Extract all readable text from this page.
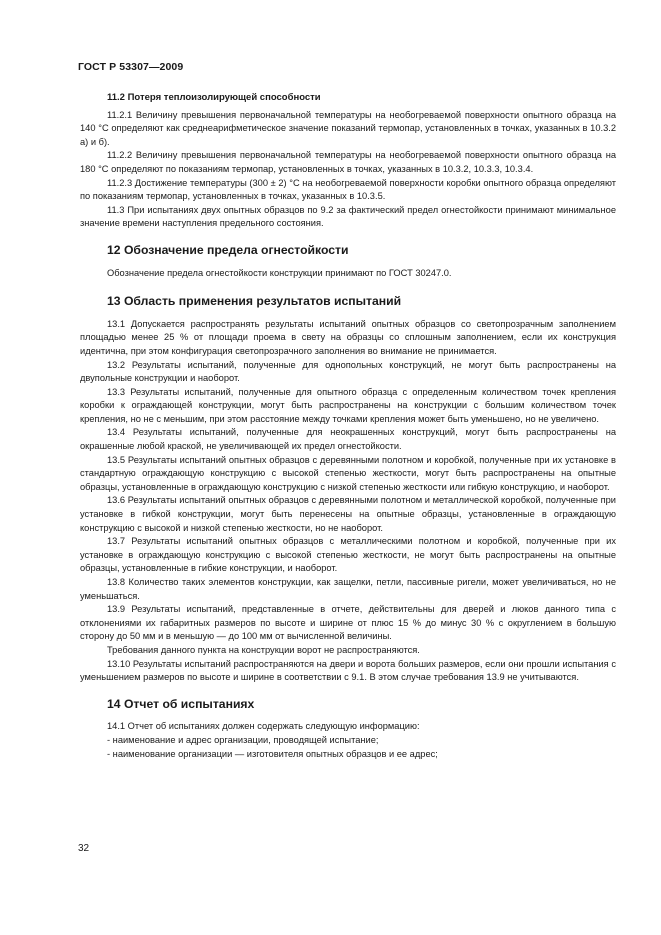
ГОСТ Р 53307—2009
11.2 Потеря теплоизолирующей способности

11.2.1 Величину превышения первоначальной температуры на необогреваемой поверхности опытного образца на 140 °С определяют как среднеарифметическое значение показаний термопар, установленных в точках, указанных в 10.3.2 а) и б).

11.2.2 Величину превышения первоначальной температуры на необогреваемой поверхности опытного образца на 180 °С определяют по показаниям термопар, установленных в точках, указанных в 10.3.2, 10.3.3, 10.3.4.

11.2.3 Достижение температуры (300 ± 2) °С на необогреваемой поверхности коробки опытного образца определяют по показаниям термопар, установленных в точках, указанных в 10.3.5.

11.3 При испытаниях двух опытных образцов по 9.2 за фактический предел огнестойкости принимают минимальное значение времени наступления предельного состояния.

12 Обозначение предела огнестойкости

Обозначение предела огнестойкости конструкции принимают по ГОСТ 30247.0.

13 Область применения результатов испытаний

13.1 Допускается распространять результаты испытаний опытных образцов со светопрозрачным заполнением площадью менее 25 % от площади проема в свету на образцы со сплошным заполнением, если их конструкция идентична, при этом конфигурация светопрозрачного заполнения во внимание не принимается.

13.2 Результаты испытаний, полученные для однопольных конструкций, не могут быть распространены на двупольные конструкции и наоборот.

13.3 Результаты испытаний, полученные для опытного образца с определенным количеством точек крепления коробки к ограждающей конструкции, могут быть распространены на конструкции с большим количеством точек крепления, но не с меньшим, при этом расстояние между точками крепления может быть уменьшено, но не увеличено.

13.4 Результаты испытаний, полученные для неокрашенных конструкций, могут быть распространены на окрашенные любой краской, не увеличивающей их предел огнестойкости.

13.5 Результаты испытаний опытных образцов с деревянными полотном и коробкой, полученные при их установке в стандартную ограждающую конструкцию с высокой степенью жесткости, могут быть распространены на опытные образцы, установленные в ограждающую конструкцию с низкой степенью жесткости или гибкую конструкцию, и наоборот.

13.6 Результаты испытаний опытных образцов с деревянными полотном и металлической коробкой, полученные при установке в гибкой конструкции, могут быть перенесены на опытные образцы, установленные в ограждающую конструкцию с высокой и низкой степенью жесткости, но не наоборот.

13.7 Результаты испытаний опытных образцов с металлическими полотном и коробкой, полученные при их установке в ограждающую конструкцию с высокой степенью жесткости, не могут быть распространены на опытные образцы, установленные в гибкие конструкции, и наоборот.

13.8 Количество таких элементов конструкции, как защелки, петли, пассивные ригели, может увеличиваться, но не уменьшаться.

13.9 Результаты испытаний, представленные в отчете, действительны для дверей и люков данного типа с отклонениями их габаритных размеров по высоте и ширине от плюс 15 % до минус 30 % с округлением в большую сторону до 50 мм и в меньшую — до 100 мм от вычисленной величины.

Требования данного пункта на конструкции ворот не распространяются.

13.10 Результаты испытаний распространяются на двери и ворота больших размеров, если они прошли испытания с уменьшением размеров по высоте и ширине в соответствии с 9.1. В этом случае требования 13.9 не учитываются.

14 Отчет об испытаниях

14.1 Отчет об испытаниях должен содержать следующую информацию:

- наименование и адрес организации, проводящей испытание;

- наименование организации — изготовителя опытных образцов и ее адрес;

32
